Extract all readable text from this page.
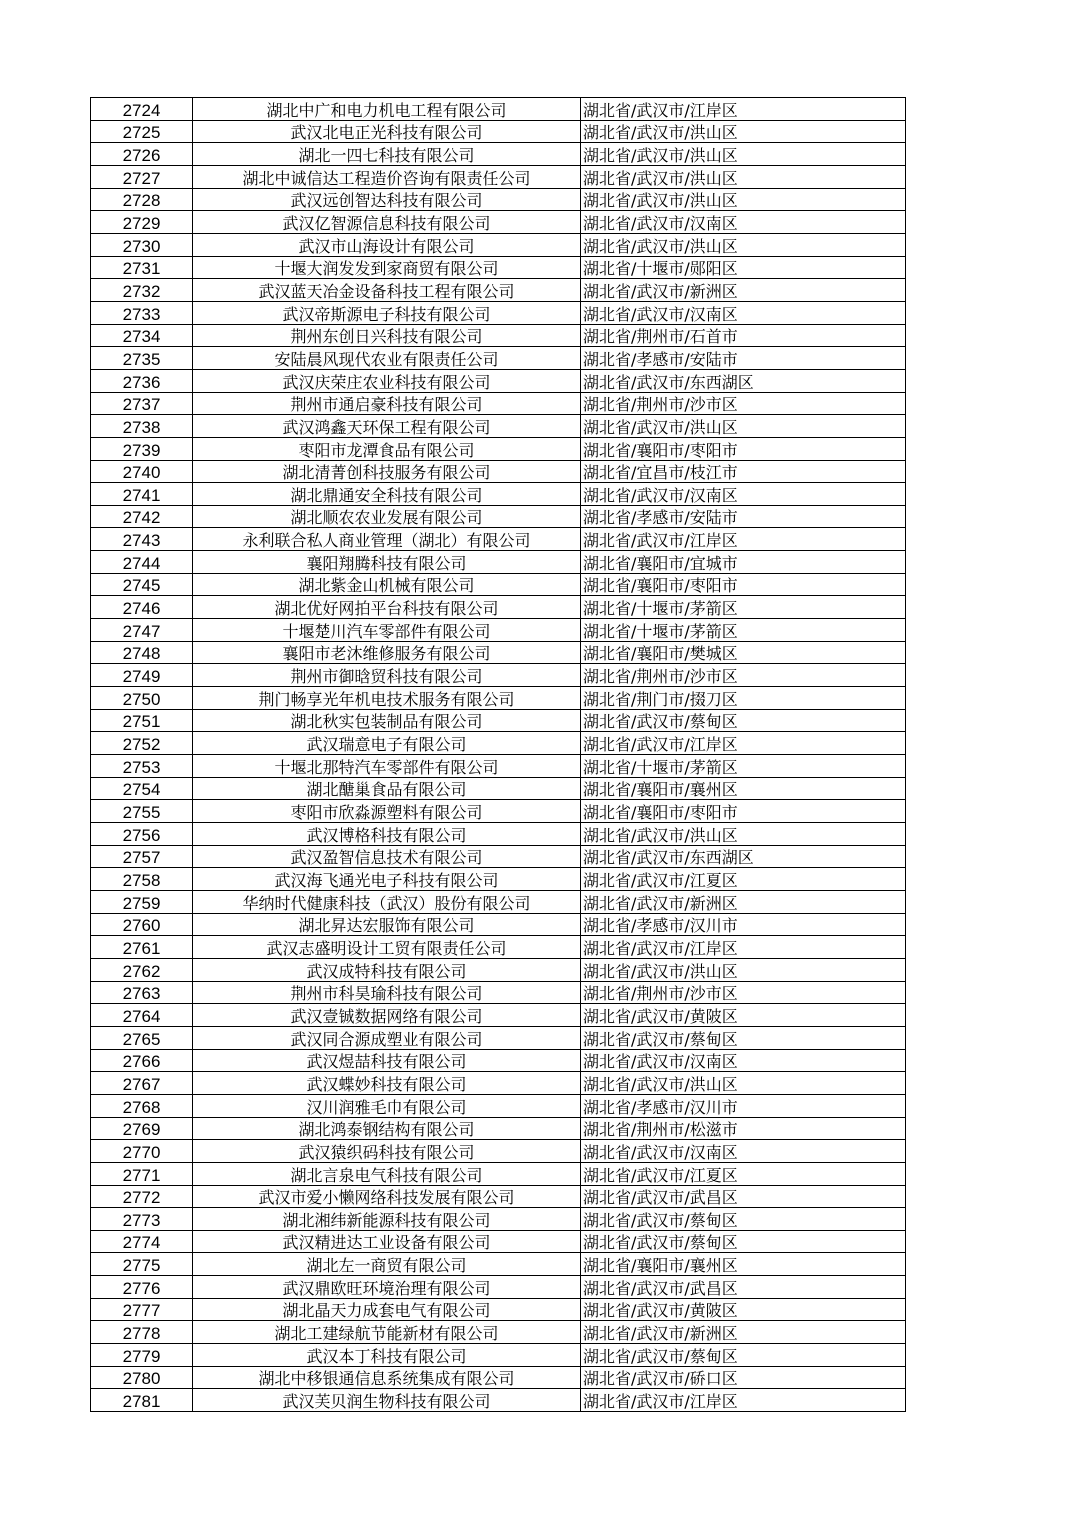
2724	湖北中广和电力机电工程有限公司	湖北省/武汉市/江岸区
2725	武汉北电正光科技有限公司	湖北省/武汉市/洪山区
2726	湖北一四七科技有限公司	湖北省/武汉市/洪山区
2727	湖北中诚信达工程造价咨询有限责任公司	湖北省/武汉市/洪山区
2728	武汉远创智达科技有限公司	湖北省/武汉市/洪山区
2729	武汉亿智源信息科技有限公司	湖北省/武汉市/汉南区
2730	武汉市山海设计有限公司	湖北省/武汉市/洪山区
2731	十堰大润发发到家商贸有限公司	湖北省/十堰市/郧阳区
2732	武汉蓝天冶金设备科技工程有限公司	湖北省/武汉市/新洲区
2733	武汉帝斯源电子科技有限公司	湖北省/武汉市/汉南区
2734	荆州东创日兴科技有限公司	湖北省/荆州市/石首市
2735	安陆晨风现代农业有限责任公司	湖北省/孝感市/安陆市
2736	武汉庆荣庄农业科技有限公司	湖北省/武汉市/东西湖区
2737	荆州市通启豪科技有限公司	湖北省/荆州市/沙市区
2738	武汉鸿鑫天环保工程有限公司	湖北省/武汉市/洪山区
2739	枣阳市龙潭食品有限公司	湖北省/襄阳市/枣阳市
2740	湖北清菁创科技服务有限公司	湖北省/宜昌市/枝江市
2741	湖北鼎通安全科技有限公司	湖北省/武汉市/汉南区
2742	湖北顺农农业发展有限公司	湖北省/孝感市/安陆市
2743	永利联合私人商业管理（湖北）有限公司	湖北省/武汉市/江岸区
2744	襄阳翔腾科技有限公司	湖北省/襄阳市/宜城市
2745	湖北紫金山机械有限公司	湖北省/襄阳市/枣阳市
2746	湖北优好网拍平台科技有限公司	湖北省/十堰市/茅箭区
2747	十堰楚川汽车零部件有限公司	湖北省/十堰市/茅箭区
2748	襄阳市老沐维修服务有限公司	湖北省/襄阳市/樊城区
2749	荆州市御晗贸科技有限公司	湖北省/荆州市/沙市区
2750	荆门畅享光年机电技术服务有限公司	湖北省/荆门市/掇刀区
2751	湖北秋实包装制品有限公司	湖北省/武汉市/蔡甸区
2752	武汉瑞意电子有限公司	湖北省/武汉市/江岸区
2753	十堰北那特汽车零部件有限公司	湖北省/十堰市/茅箭区
2754	湖北醣巢食品有限公司	湖北省/襄阳市/襄州区
2755	枣阳市欣淼源塑料有限公司	湖北省/襄阳市/枣阳市
2756	武汉博格科技有限公司	湖北省/武汉市/洪山区
2757	武汉盈智信息技术有限公司	湖北省/武汉市/东西湖区
2758	武汉海飞通光电子科技有限公司	湖北省/武汉市/江夏区
2759	华纳时代健康科技（武汉）股份有限公司	湖北省/武汉市/新洲区
2760	湖北昇达宏服饰有限公司	湖北省/孝感市/汉川市
2761	武汉志盛明设计工贸有限责任公司	湖北省/武汉市/江岸区
2762	武汉成特科技有限公司	湖北省/武汉市/洪山区
2763	荆州市科昊瑜科技有限公司	湖北省/荆州市/沙市区
2764	武汉壹铖数据网络有限公司	湖北省/武汉市/黄陂区
2765	武汉同合源成塑业有限公司	湖北省/武汉市/蔡甸区
2766	武汉煜喆科技有限公司	湖北省/武汉市/汉南区
2767	武汉蝶妙科技有限公司	湖北省/武汉市/洪山区
2768	汉川润雅毛巾有限公司	湖北省/孝感市/汉川市
2769	湖北鸿泰钢结构有限公司	湖北省/荆州市/松滋市
2770	武汉猿织码科技有限公司	湖北省/武汉市/汉南区
2771	湖北言泉电气科技有限公司	湖北省/武汉市/江夏区
2772	武汉市爱小懒网络科技发展有限公司	湖北省/武汉市/武昌区
2773	湖北湘纬新能源科技有限公司	湖北省/武汉市/蔡甸区
2774	武汉精进达工业设备有限公司	湖北省/武汉市/蔡甸区
2775	湖北左一商贸有限公司	湖北省/襄阳市/襄州区
2776	武汉鼎欧旺环境治理有限公司	湖北省/武汉市/武昌区
2777	湖北晶天力成套电气有限公司	湖北省/武汉市/黄陂区
2778	湖北工建绿航节能新材有限公司	湖北省/武汉市/新洲区
2779	武汉本丁科技有限公司	湖北省/武汉市/蔡甸区
2780	湖北中移银通信息系统集成有限公司	湖北省/武汉市/硚口区
2781	武汉芙贝润生物科技有限公司	湖北省/武汉市/江岸区
